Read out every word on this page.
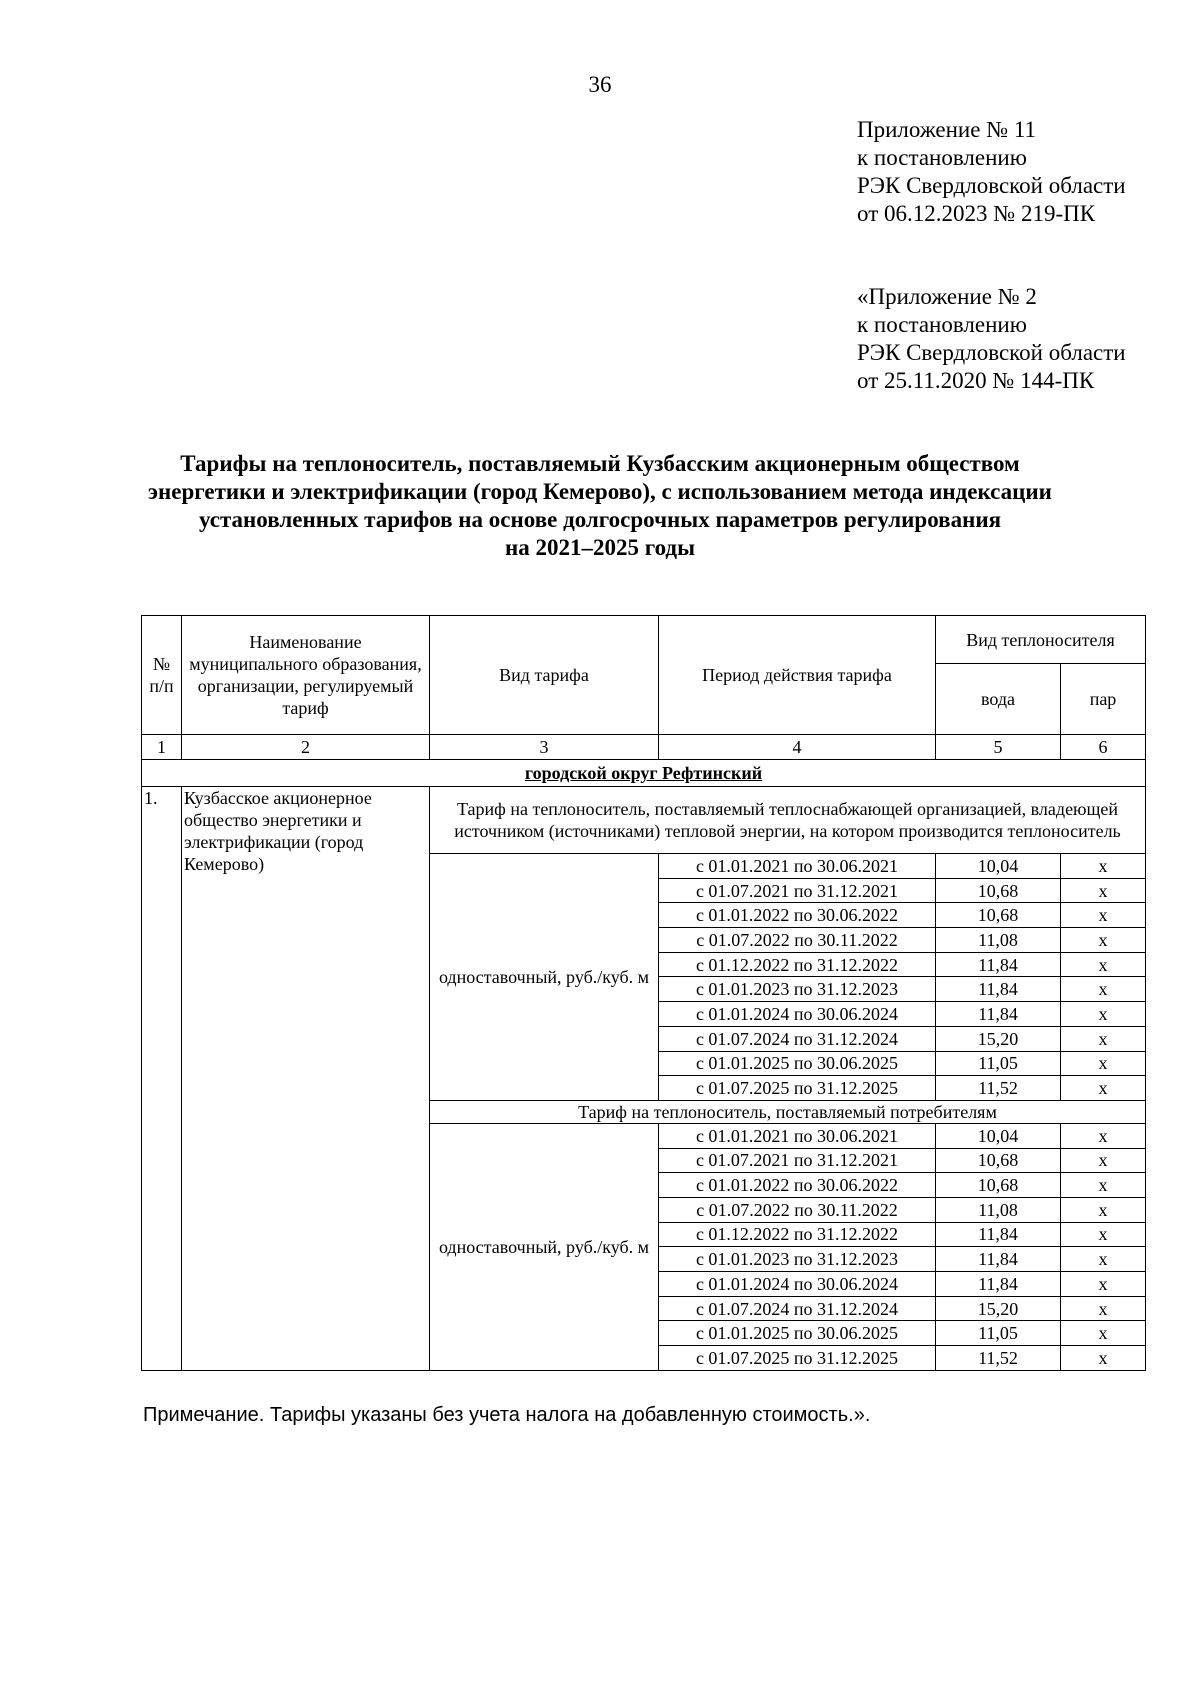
36
Приложение № 11
к постановлению
РЭК Свердловской области
от 06.12.2023 № 219-ПК
«Приложение № 2
к постановлению
РЭК Свердловской области
от 25.11.2020 № 144-ПК
Тарифы на теплоноситель, поставляемый Кузбасским акционерным обществом
энергетики и электрификации (город Кемерово), с использованием метода индексации
установленных тарифов на основе долгосрочных параметров регулирования
на 2021–2025 годы
№ п/п	Наименование муниципального образования, организации, регулируемый тариф	Вид тарифа	Период действия тарифа	Вид теплоносителя	
				вода	пар
1	2	3	4	5	6
городской округ Рефтинский					
1.	Кузбасское акционерное общество энергетики и электрификации (город Кемерово)	Тариф на теплоноситель, поставляемый теплоснабжающей организацией, владеющей источником (источниками) тепловой энергии, на котором производится теплоноситель			
		одноставочный, руб./куб. м	с 01.01.2021 по 30.06.2021	10,04	х
			с 01.07.2021 по 31.12.2021	10,68	х
			с 01.01.2022 по 30.06.2022	10,68	х
			с 01.07.2022 по 30.11.2022	11,08	х
			с 01.12.2022 по 31.12.2022	11,84	х
			с 01.01.2023 по 31.12.2023	11,84	х
			с 01.01.2024 по 30.06.2024	11,84	х
			с 01.07.2024 по 31.12.2024	15,20	х
			с 01.01.2025 по 30.06.2025	11,05	х
			с 01.07.2025 по 31.12.2025	11,52	х
		Тариф на теплоноситель, поставляемый потребителям			
		одноставочный, руб./куб. м	с 01.01.2021 по 30.06.2021	10,04	х
			с 01.07.2021 по 31.12.2021	10,68	х
			с 01.01.2022 по 30.06.2022	10,68	х
			с 01.07.2022 по 30.11.2022	11,08	х
			с 01.12.2022 по 31.12.2022	11,84	х
			с 01.01.2023 по 31.12.2023	11,84	х
			с 01.01.2024 по 30.06.2024	11,84	х
			с 01.07.2024 по 31.12.2024	15,20	х
			с 01.01.2025 по 30.06.2025	11,05	х
			с 01.07.2025 по 31.12.2025	11,52	х
Примечание. Тарифы указаны без учета налога на добавленную стоимость.».
